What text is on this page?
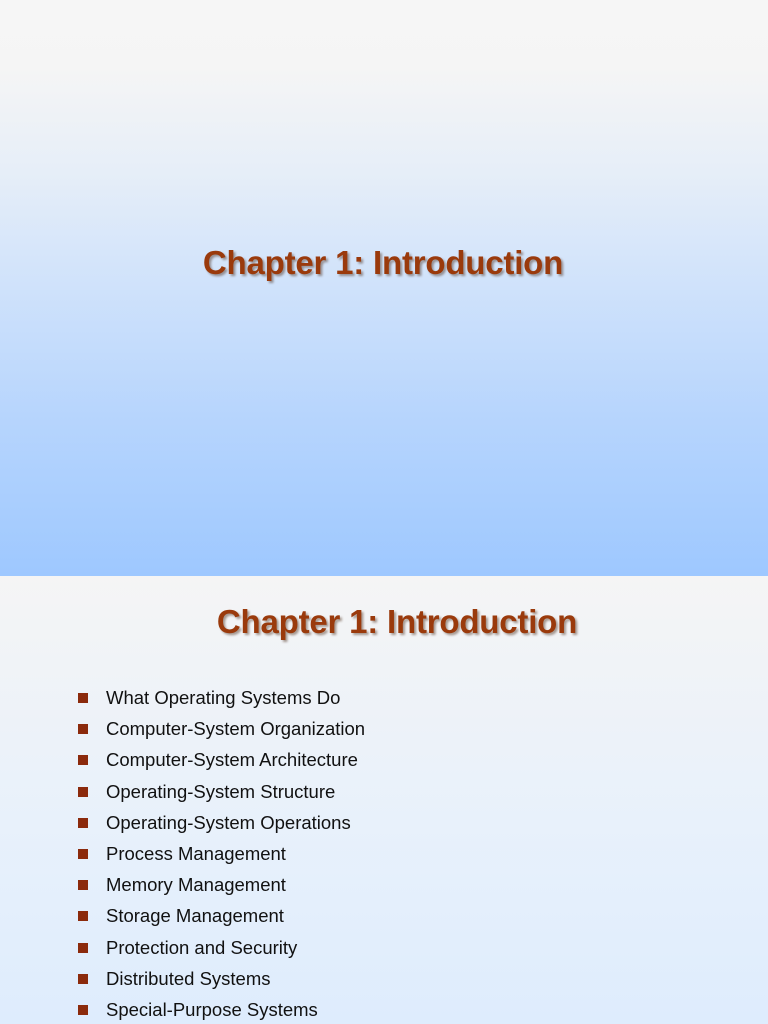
Chapter 1: Introduction
Chapter 1: Introduction
What Operating Systems Do
Computer-System Organization
Computer-System Architecture
Operating-System Structure
Operating-System Operations
Process Management
Memory Management
Storage Management
Protection and Security
Distributed Systems
Special-Purpose Systems
